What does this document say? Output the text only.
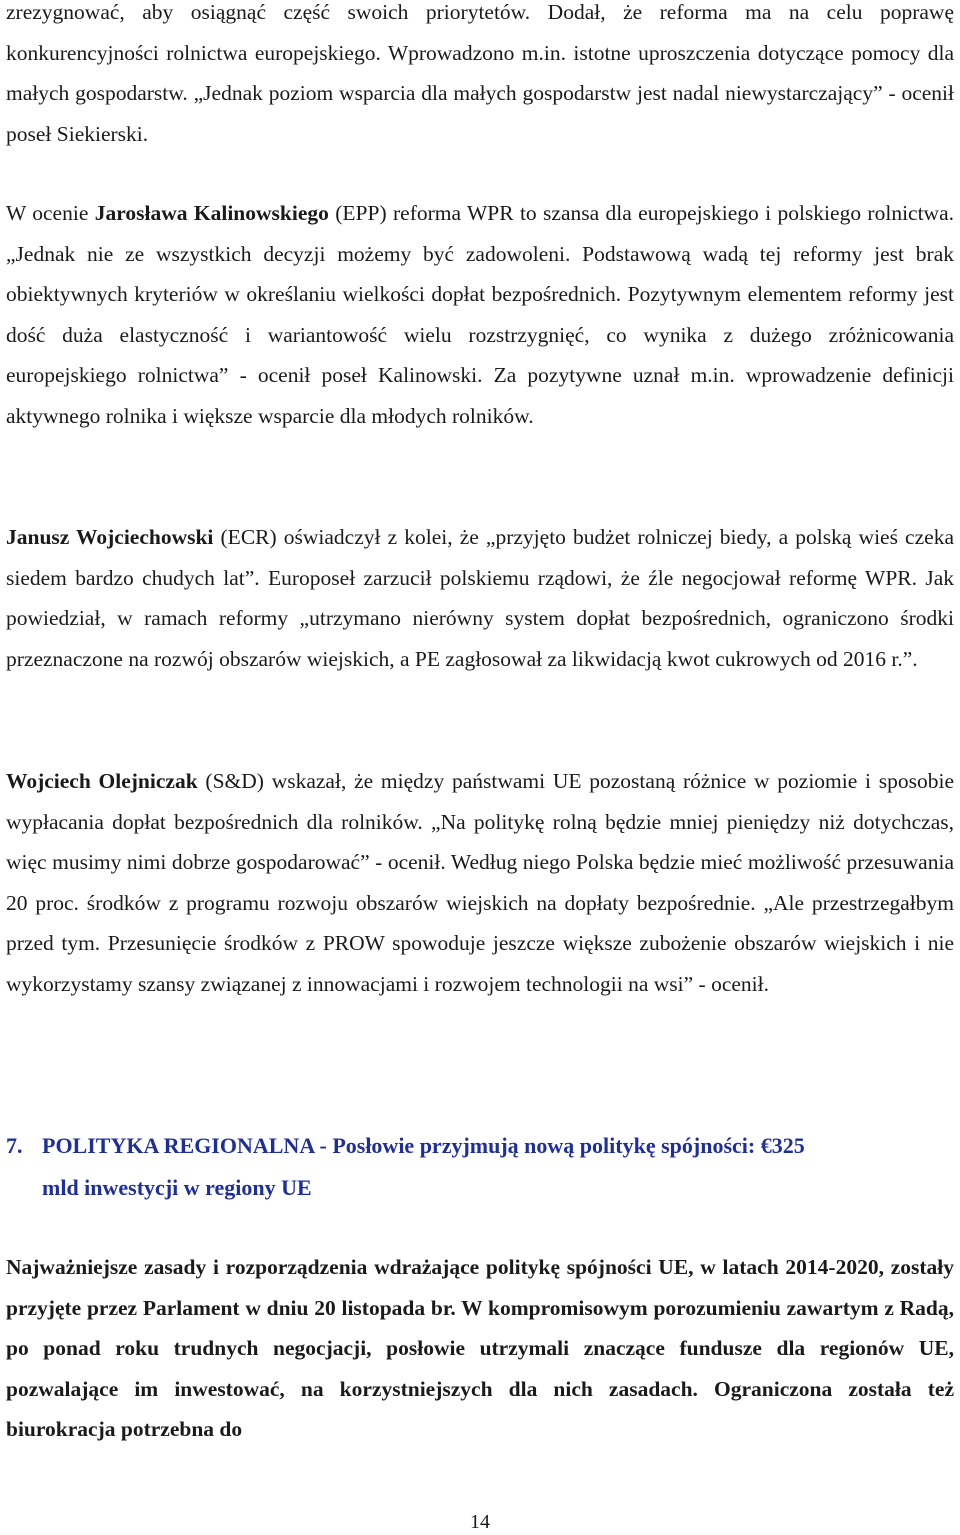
zrezygnować, aby osiągnąć część swoich priorytetów. Dodał, że reforma ma na celu poprawę konkurencyjności rolnictwa europejskiego. Wprowadzono m.in. istotne uproszczenia dotyczące pomocy dla małych gospodarstw. „Jednak poziom wsparcia dla małych gospodarstw jest nadal niewystarczający” - ocenił poseł Siekierski.

W ocenie Jarosława Kalinowskiego (EPP) reforma WPR to szansa dla europejskiego i polskiego rolnictwa. „Jednak nie ze wszystkich decyzji możemy być zadowoleni. Podstawową wadą tej reformy jest brak obiektywnych kryteriów w określaniu wielkości dopłat bezpośrednich. Pozytywnym elementem reformy jest dość duża elastyczność i wariantowość wielu rozstrzygnięć, co wynika z dużego zróżnicowania europejskiego rolnictwa” - ocenił poseł Kalinowski. Za pozytywne uznał m.in. wprowadzenie definicji aktywnego rolnika i większe wsparcie dla młodych rolników.

Janusz Wojciechowski (ECR) oświadczył z kolei, że „przyjęto budżet rolniczej biedy, a polską wieś czeka siedem bardzo chudych lat”. Europoseł zarzucił polskiemu rządowi, że źle negocjował reformę WPR. Jak powiedział, w ramach reformy „utrzymano nierówny system dopłat bezpośrednich, ograniczono środki przeznaczone na rozwój obszarów wiejskich, a PE zagłosował za likwidacją kwot cukrowych od 2016 r.”.

Wojciech Olejniczak (S&D) wskazał, że między państwami UE pozostaną różnice w poziomie i sposobie wypłacania dopłat bezpośrednich dla rolników. „Na politykę rolną będzie mniej pieniędzy niż dotychczas, więc musimy nimi dobrze gospodarować” - ocenił. Według niego Polska będzie mieć możliwość przesuwania 20 proc. środków z programu rozwoju obszarów wiejskich na dopłaty bezpośrednie. „Ale przestrzegałbym przed tym. Przesunięcie środków z PROW spowoduje jeszcze większe zubożenie obszarów wiejskich i nie wykorzystamy szansy związanej z innowacjami i rozwojem technologii na wsi” - ocenił.

7. POLITYKA REGIONALNA - Posłowie przyjmują nową politykę spójności: €325
mld inwestycji w regiony UE

Najważniejsze zasady i rozporządzenia wdrażające politykę spójności UE, w latach 2014-2020, zostały przyjęte przez Parlament w dniu 20 listopada br. W kompromisowym porozumieniu zawartym z Radą, po ponad roku trudnych negocjacji, posłowie utrzymali znaczące fundusze dla regionów UE, pozwalające im inwestować, na korzystniejszych dla nich zasadach. Ograniczona została też biurokracja potrzebna do

14
